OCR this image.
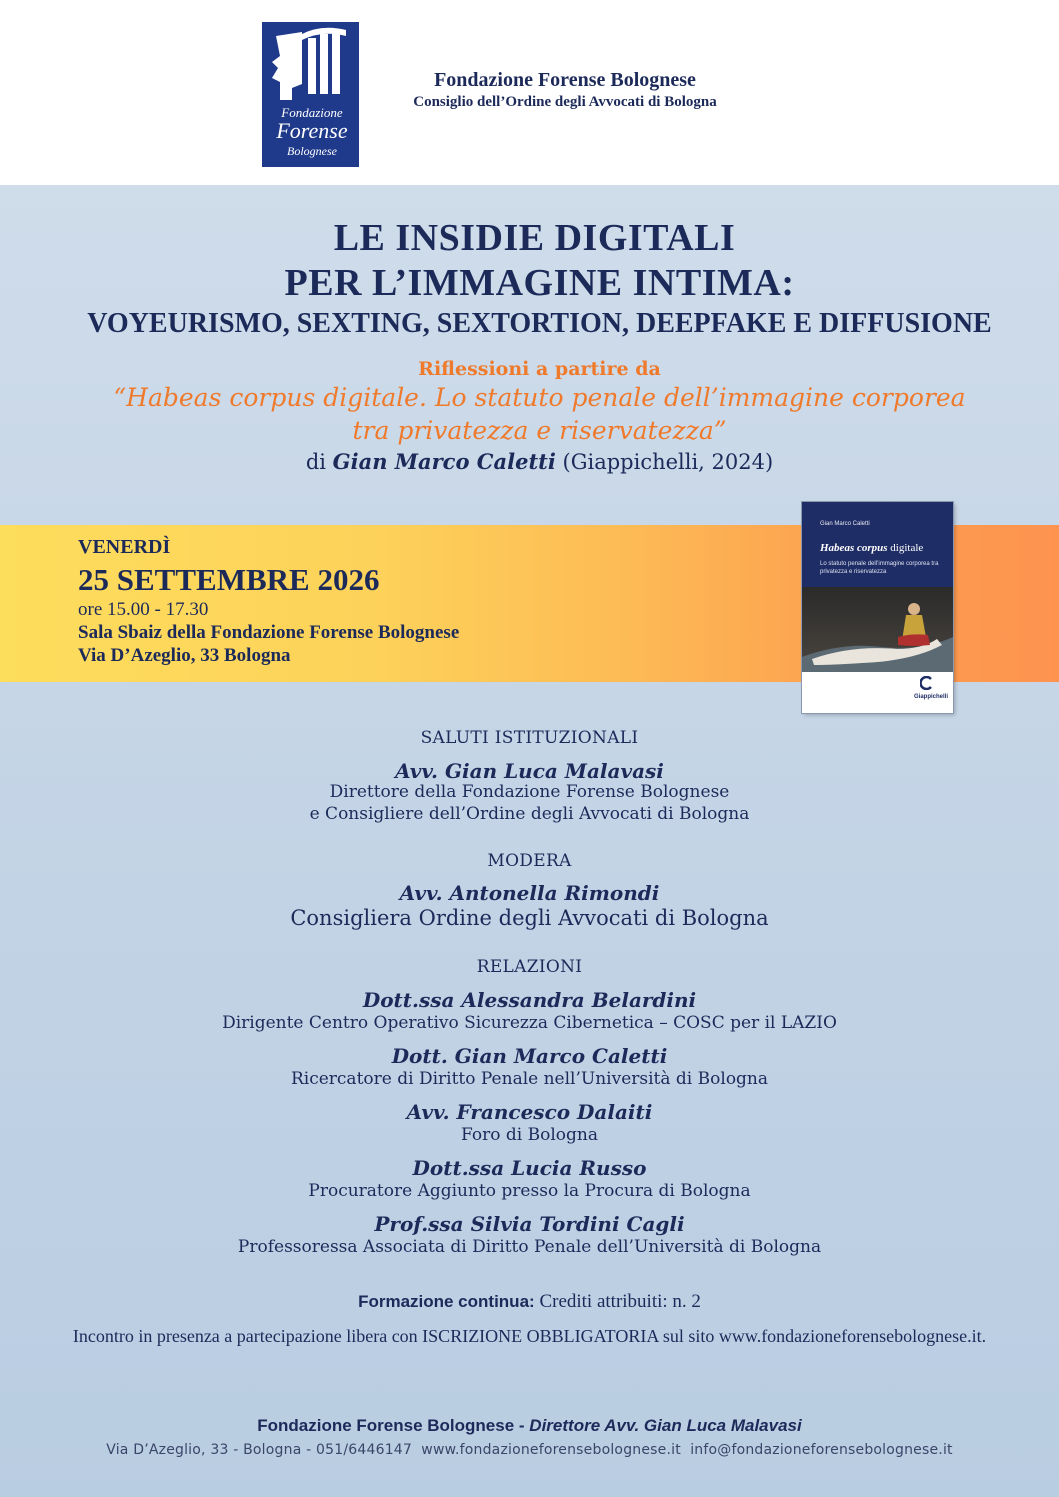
Fondazione
Forense
Bolognese
Fondazione Forense Bolognese
Consiglio dell’Ordine degli Avvocati di Bologna
LE INSIDIE DIGITALI
PER L’IMMAGINE INTIMA:
VOYEURISMO, SEXTING, SEXTORTION, DEEPFAKE E DIFFUSIONE
Riflessioni a partire da
“Habeas corpus digitale. Lo statuto penale dell’immagine corporea
tra privatezza e riservatezza”
di Gian Marco Caletti (Giappichelli, 2024)
VENERDÌ
25 SETTEMBRE 2026
ore 15.00 - 17.30
Sala Sbaiz della Fondazione Forense Bolognese
Via D’Azeglio, 33 Bologna
Gian Marco Caletti
Habeas corpus digitale
Lo statuto penale dell’immagine corporea tra privatezza e riservatezza
Giappichelli
SALUTI ISTITUZIONALI
Avv. Gian Luca Malavasi
Direttore della Fondazione Forense Bolognese
e Consigliere dell’Ordine degli Avvocati di Bologna
MODERA
Avv. Antonella Rimondi
Consigliera Ordine degli Avvocati di Bologna
RELAZIONI
Dott.ssa Alessandra Belardini
Dirigente Centro Operativo Sicurezza Cibernetica – COSC per il LAZIO
Dott. Gian Marco Caletti
Ricercatore di Diritto Penale nell’Università di Bologna
Avv. Francesco Dalaiti
Foro di Bologna
Dott.ssa Lucia Russo
Procuratore Aggiunto presso la Procura di Bologna
Prof.ssa Silvia Tordini Cagli
Professoressa Associata di Diritto Penale dell’Università di Bologna
Formazione continua: Crediti attribuiti: n. 2
Incontro in presenza a partecipazione libera con ISCRIZIONE OBBLIGATORIA sul sito www.fondazioneforensebolognese.it.
Fondazione Forense Bolognese - Direttore Avv. Gian Luca Malavasi
Via D’Azeglio, 33 - Bologna - 051/6446147  www.fondazioneforensebolognese.it  info@fondazioneforensebolognese.it
